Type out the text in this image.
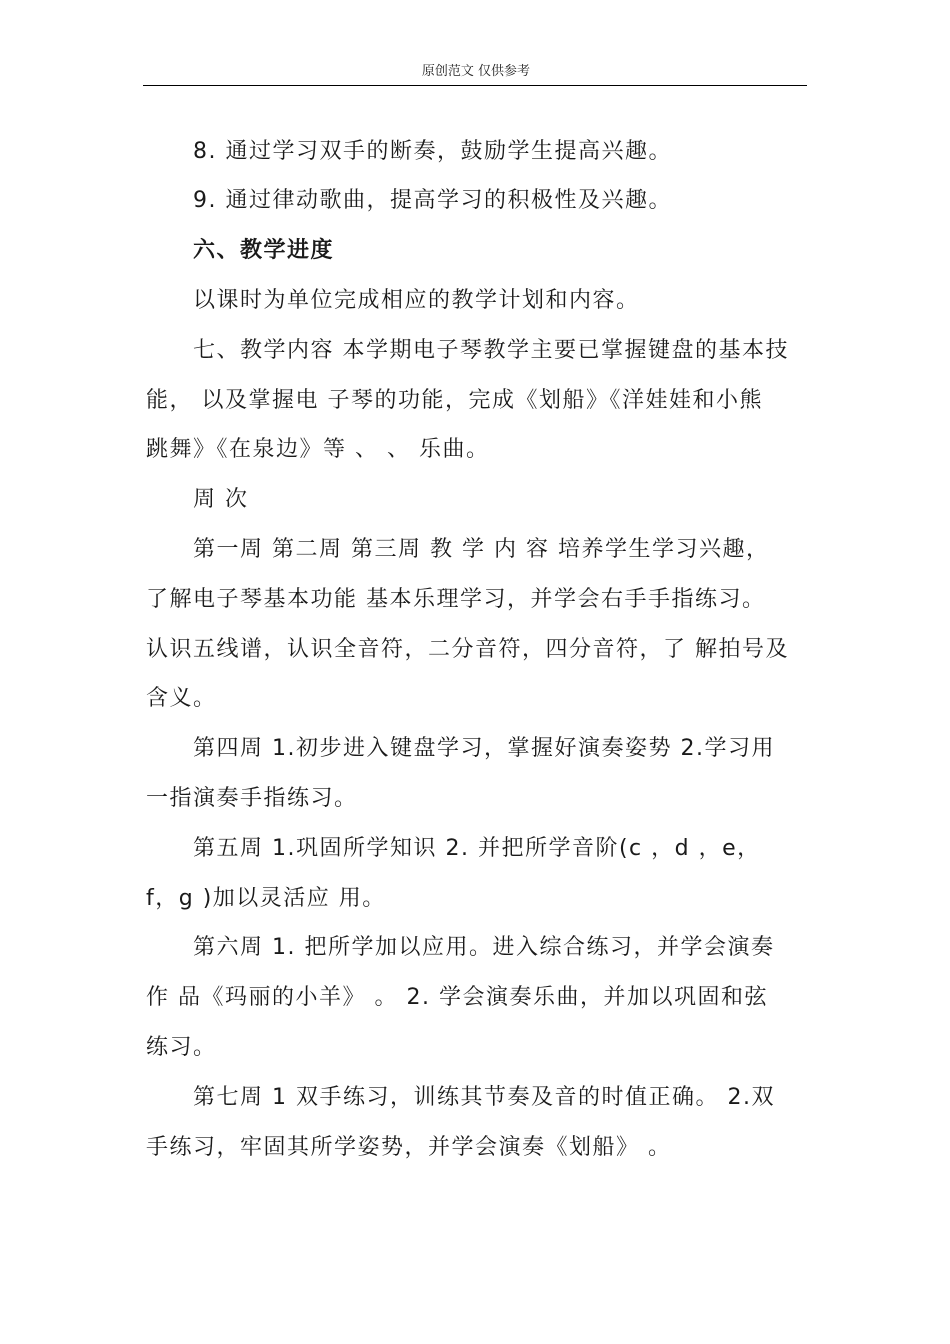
原创范文 仅供参考
8. 通过学习双手的断奏，鼓励学生提高兴趣。
9. 通过律动歌曲，提高学习的积极性及兴趣。
六、教学进度
以课时为单位完成相应的教学计划和内容。
七、教学内容 本学期电子琴教学主要已掌握键盘的基本技
能， 以及掌握电 子琴的功能，完成《划船》《洋娃娃和小熊
跳舞》《在泉边》等 、 、 乐曲。
周 次
第一周 第二周 第三周 教 学 内 容 培养学生学习兴趣，
了解电子琴基本功能 基本乐理学习，并学会右手手指练习。
认识五线谱，认识全音符，二分音符，四分音符，了 解拍号及
含义。
第四周 1.初步进入键盘学习，掌握好演奏姿势 2.学习用
一指演奏手指练习。
第五周 1.巩固所学知识 2. 并把所学音阶(c ，d ，e，
f，g )加以灵活应 用。
第六周 1. 把所学加以应用。进入综合练习，并学会演奏
作 品《玛丽的小羊》 。 2. 学会演奏乐曲，并加以巩固和弦
练习。
第七周 1 双手练习，训练其节奏及音的时值正确。 2.双
手练习，牢固其所学姿势，并学会演奏《划船》 。
